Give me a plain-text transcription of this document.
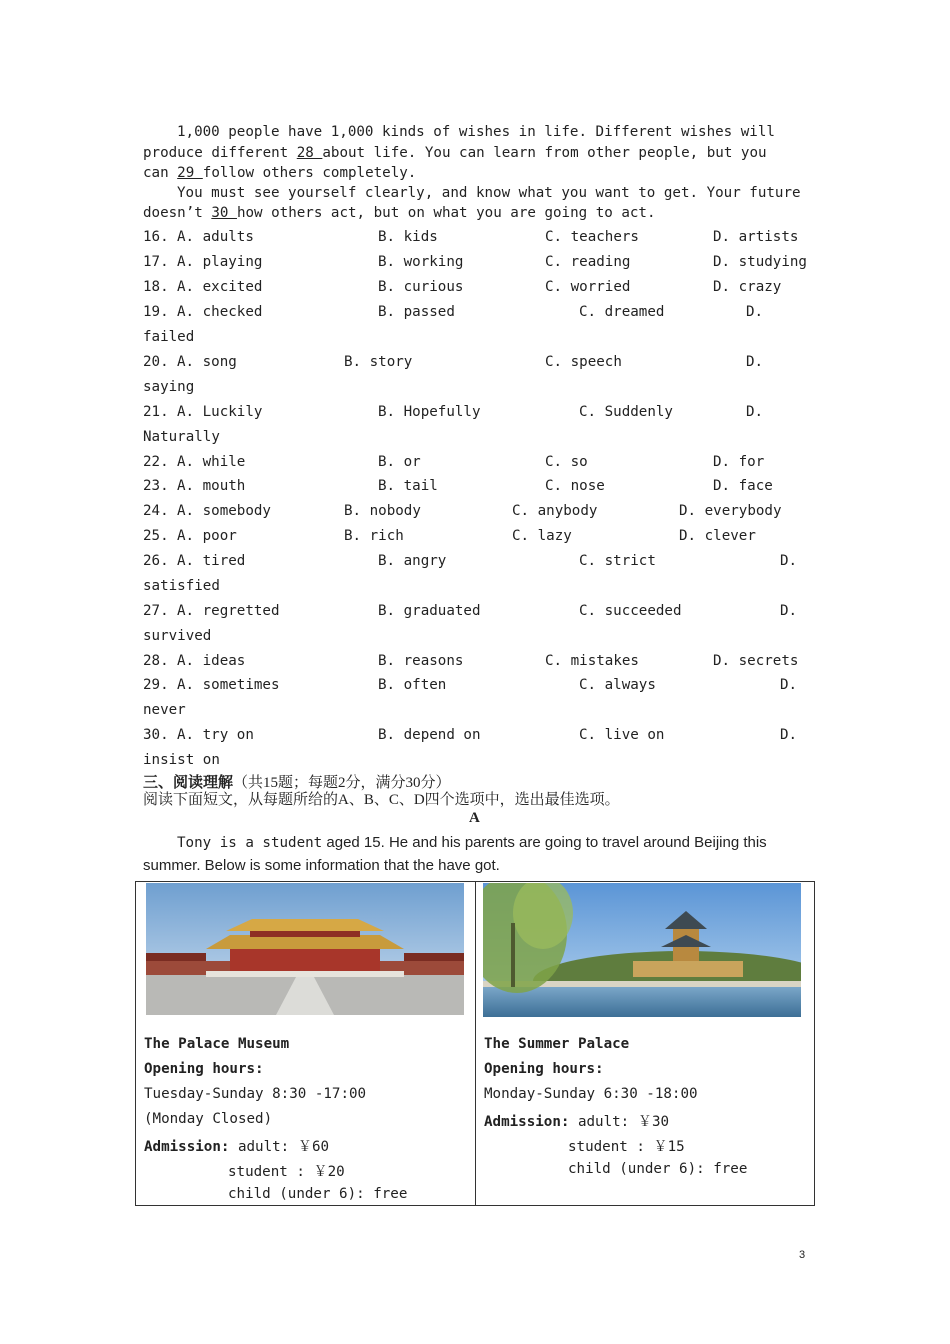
1,000 people have 1,000 kinds of wishes in life. Different wishes will
produce different 28 about life. You can learn from other people, but you
can 29 follow others completely.
You must see yourself clearly, and know what you want to get. Your future
doesn’t 30 how others act, but on what you are going to act.
16. A. adults	B. kids	C. teachers	D. artists
17. A. playing	B. working	C. reading	D. studying
18. A. excited	B. curious	C. worried	D. crazy
19. A. checked	B. passed	C. dreamed	D.
failed
20. A. song	B. story	C. speech	D.
saying
21. A. Luckily	B. Hopefully	C. Suddenly	D.
Naturally
22. A. while	B. or	C. so	D. for
23. A. mouth	B. tail	C. nose	D. face
24. A. somebody	B. nobody	C. anybody	D. everybody
25. A. poor	B. rich	C. lazy	D. clever
26. A. tired	B. angry	C. strict	D.
satisfied
27. A. regretted	B. graduated	C. succeeded	D.
survived
28. A. ideas	B. reasons	C. mistakes	D. secrets
29. A. sometimes	B. often	C. always	D.
never
30. A. try on	B. depend on	C. live on	D.
insist on
三、阅读理解（共15题；每题2分，满分30分）
阅读下面短文，从每题所给的A、B、C、D四个选项中，选出最佳选项。
A
Tony is a student aged 15. He and his parents are going to travel around Beijing this
summer. Below is some information that the have got.
The Palace Museum
Opening hours:
Tuesday-Sunday 8:30 -17:00
(Monday Closed)
Admission: adult: ￥60
student : ￥20
child (under 6): free
The Summer Palace
Opening hours:
Monday-Sunday 6:30 -18:00
Admission: adult: ￥30
student : ￥15
child (under 6): free
3
